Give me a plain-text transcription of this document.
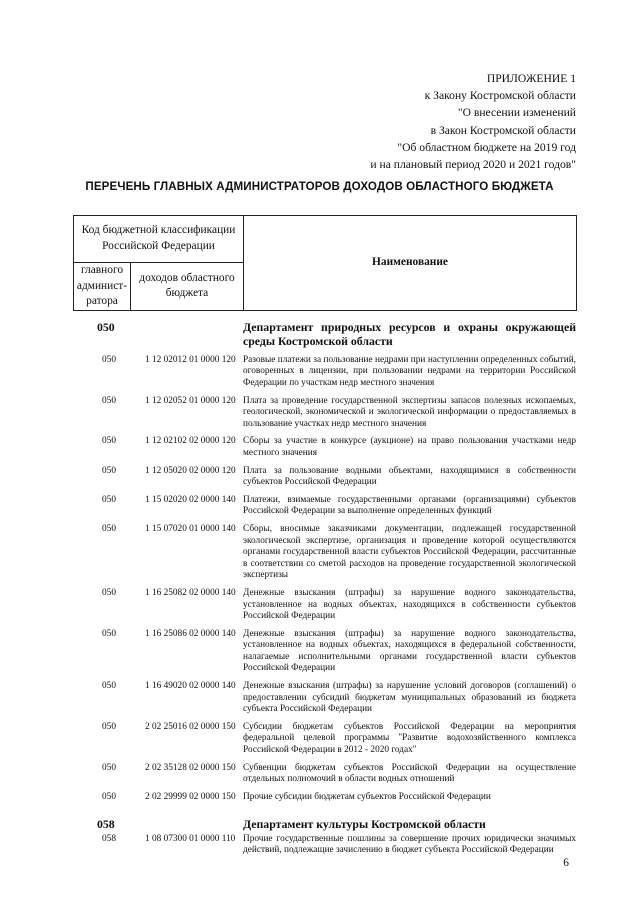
ПРИЛОЖЕНИЕ 1
к Закону Костромской области
"О внесении изменений
в Закон Костромской области
"Об областном бюджете на 2019 год
и на плановый период 2020 и 2021 годов"
ПЕРЕЧЕНЬ ГЛАВНЫХ АДМИНИСТРАТОРОВ ДОХОДОВ ОБЛАСТНОГО БЮДЖЕТА
Код бюджетной классификации Российской Федерации		Наименование
главного админист-ратора	доходов областного бюджета	
050	Департамент природных ресурсов и охраны окружающей среды Костромской области
050	1 12 02012 01 0000 120 Разовые платежи за пользование недрами при наступлении определенных событий, оговоренных в лицензии, при пользовании недрами на территории Российской Федерации по участкам недр местного значения
050	1 12 02052 01 0000 120 Плата за проведение государственной экспертизы запасов полезных ископаемых, геологической, экономической и экологической информации о предоставляемых в пользование участках недр местного значения
050	1 12 02102 02 0000 120 Сборы за участие в конкурсе (аукционе) на право пользования участками недр местного значения
050	1 12 05020 02 0000 120 Плата за пользование водными объектами, находящимися в собственности субъектов Российской Федерации
050	1 15 02020 02 0000 140 Платежи, взимаемые государственными органами (организациями) субъектов Российской Федерации за выполнение определенных функций
050	1 15 07020 01 0000 140 Сборы, вносимые заказчиками документации, подлежащей государственной экологической экспертизе, организация и проведение которой осуществляются органами государственной власти субъектов Российской Федерации, рассчитанные в соответствии со сметой расходов на проведение государственной экологической экспертизы
050	1 16 25082 02 0000 140 Денежные взыскания (штрафы) за нарушение водного законодательства, установленное на водных объектах, находящихся в собственности субъектов Российской Федерации
050	1 16 25086 02 0000 140 Денежные взыскания (штрафы) за нарушение водного законодательства, установленное на водных объектах, находящихся в федеральной собственности, налагаемые исполнительными органами государственной власти субъектов Российской Федерации
050	1 16 49020 02 0000 140 Денежные взыскания (штрафы) за нарушение условий договоров (соглашений) о предоставлении субсидий бюджетам муниципальных образований из бюджета субъекта Российской Федерации
050	2 02 25016 02 0000 150 Субсидии бюджетам субъектов Российской Федерации на мероприятия федеральной целевой программы "Развитие водохозяйственного комплекса Российской Федерации в 2012 - 2020 годах"
050	2 02 35128 02 0000 150 Субвенции бюджетам субъектов Российской Федерации на осуществление отдельных полномочий в области водных отношений
050	2 02 29999 02 0000 150 Прочие субсидии бюджетам субъектов Российской Федерации
058	Департамент культуры Костромской области
058	1 08 07300 01 0000 110 Прочие государственные пошлины за совершение прочих юридически значимых действий, подлежащие зачислению в бюджет субъекта Российской Федерации
6
